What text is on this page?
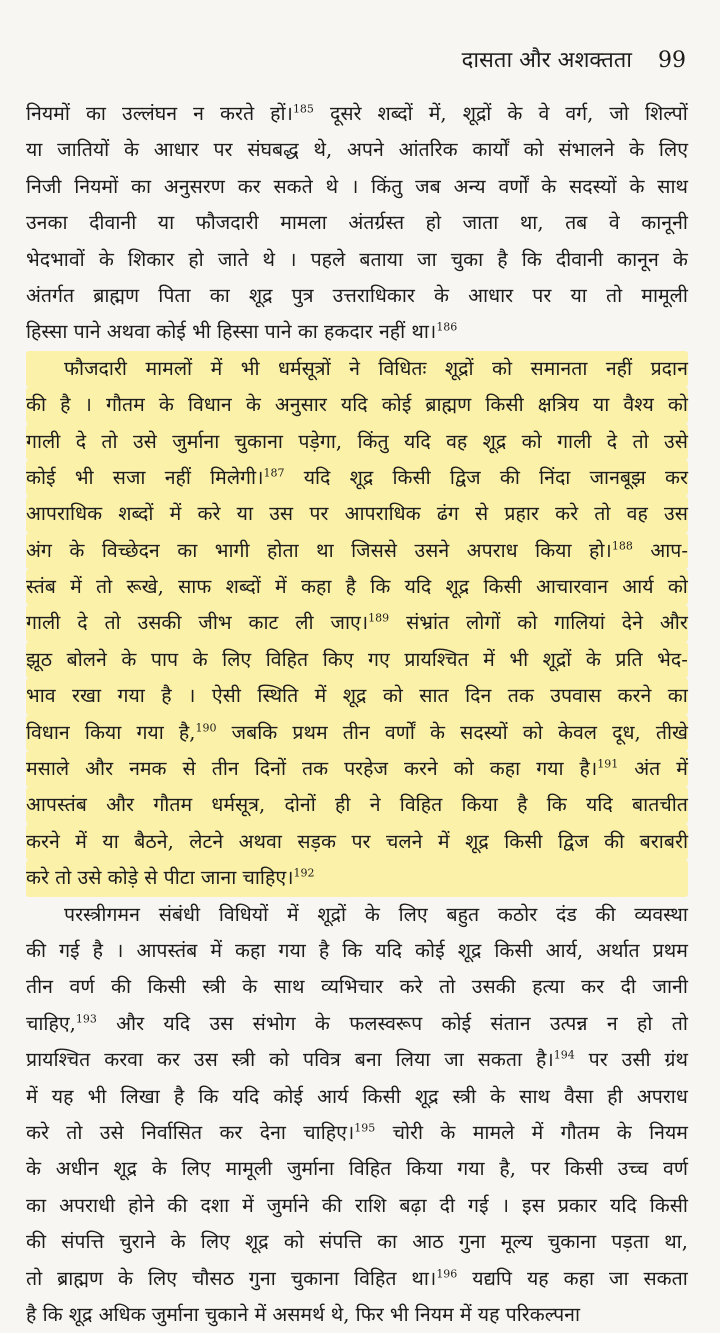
दासता और अशक्तता 99
नियमों का उल्लंघन न करते हों।$^{185}$ दूसरे शब्दों में, शूद्रों के वे वर्ग, जो शिल्पों
या जातियों के आधार पर संघबद्ध थे, अपने आंतरिक कार्यों को संभालने के लिए
निजी नियमों का अनुसरण कर सकते थे । किंतु जब अन्य वर्णों के सदस्यों के साथ
उनका दीवानी या फौजदारी मामला अंतर्ग्रस्त हो जाता था, तब वे कानूनी
भेदभावों के शिकार हो जाते थे । पहले बताया जा चुका है कि दीवानी कानून के
अंतर्गत ब्राह्मण पिता का शूद्र पुत्र उत्तराधिकार के आधार पर या तो मामूली
हिस्सा
पाने
अथवा
कोई
भी
हिस्सा
पाने
का
हकदार
नहीं
था।$^{186}$
फौजदारी मामलों में भी धर्मसूत्रों ने विधितः शूद्रों को समानता नहीं प्रदान
की है । गौतम के विधान के अनुसार यदि कोई ब्राह्मण किसी क्षत्रिय या वैश्य को
गाली दे तो उसे जुर्माना चुकाना पड़ेगा, किंतु यदि वह शूद्र को गाली दे तो उसे
कोई भी सजा नहीं मिलेगी।$^{187}$ यदि शूद्र किसी द्विज की निंदा जानबूझ कर
आपराधिक शब्दों में करे या उस पर आपराधिक ढंग से प्रहार करे तो वह उस
अंग के विच्छेदन का भागी होता था जिससे उसने अपराध किया हो।$^{188}$ आप-
स्तंब में तो रूखे, साफ शब्दों में कहा है कि यदि शूद्र किसी आचारवान आर्य को
गाली दे तो उसकी जीभ काट ली जाए।$^{189}$ संभ्रांत लोगों को गालियां देने और
झूठ बोलने के पाप के लिए विहित किए गए प्रायश्चित में भी शूद्रों के प्रति भेद-
भाव रखा गया है । ऐसी स्थिति में शूद्र को सात दिन तक उपवास करने का
विधान किया गया है,$^{190}$ जबकि प्रथम तीन वर्णों के सदस्यों को केवल दूध, तीखे
मसाले और नमक से तीन दिनों तक परहेज करने को कहा गया है।$^{191}$ अंत में
आपस्तंब और गौतम धर्मसूत्र, दोनों ही ने विहित किया है कि यदि बातचीत
करने में या बैठने, लेटने अथवा सड़क पर चलने में शूद्र किसी द्विज की बराबरी
करे
तो
उसे
कोड़े
से
पीटा
जाना
चाहिए।$^{192}$
परस्त्रीगमन संबंधी विधियों में शूद्रों के लिए बहुत कठोर दंड की व्यवस्था
की गई है । आपस्तंब में कहा गया है कि यदि कोई शूद्र किसी आर्य, अर्थात प्रथम
तीन वर्ण की किसी स्त्री के साथ व्यभिचार करे तो उसकी हत्या कर दी जानी
चाहिए,$^{193}$ और यदि उस संभोग के फलस्वरूप कोई संतान उत्पन्न न हो तो
प्रायश्चित करवा कर उस स्त्री को पवित्र बना लिया जा सकता है।$^{194}$ पर उसी ग्रंथ
में यह भी लिखा है कि यदि कोई आर्य किसी शूद्र स्त्री के साथ वैसा ही अपराध
करे तो उसे निर्वासित कर देना चाहिए।$^{195}$ चोरी के मामले में गौतम के नियम
के अधीन शूद्र के लिए मामूली जुर्माना विहित किया गया है, पर किसी उच्च वर्ण
का अपराधी होने की दशा में जुर्माने की राशि बढ़ा दी गई । इस प्रकार यदि किसी
की संपत्ति चुराने के लिए शूद्र को संपत्ति का आठ गुना मूल्य चुकाना पड़ता था,
तो ब्राह्मण के लिए चौसठ गुना चुकाना विहित था।$^{196}$ यद्यपि यह कहा जा सकता
है
कि
शूद्र
अधिक
जुर्माना
चुकाने
में
असमर्थ
थे,
फिर
भी
नियम
में
यह
परिकल्पना
